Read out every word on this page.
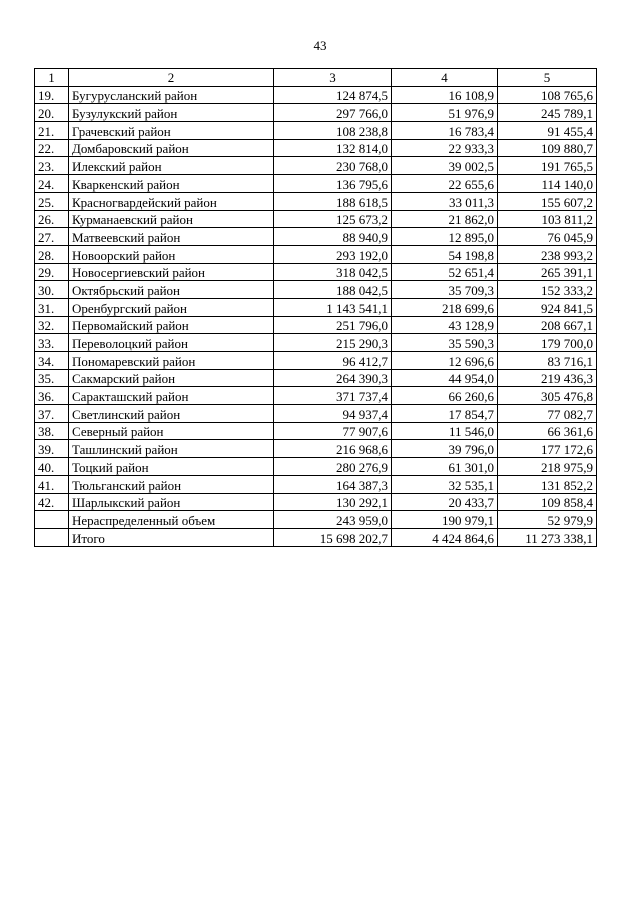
43
1	2	3	4	5
19.	Бугурусланский район	124 874,5	16 108,9	108 765,6
20.	Бузулукский район	297 766,0	51 976,9	245 789,1
21.	Грачевский район	108 238,8	16 783,4	91 455,4
22.	Домбаровский район	132 814,0	22 933,3	109 880,7
23.	Илекский район	230 768,0	39 002,5	191 765,5
24.	Кваркенский район	136 795,6	22 655,6	114 140,0
25.	Красногвардейский район	188 618,5	33 011,3	155 607,2
26.	Курманаевский район	125 673,2	21 862,0	103 811,2
27.	Матвеевский район	88 940,9	12 895,0	76 045,9
28.	Новоорский район	293 192,0	54 198,8	238 993,2
29.	Новосергиевский район	318 042,5	52 651,4	265 391,1
30.	Октябрьский район	188 042,5	35 709,3	152 333,2
31.	Оренбургский район	1 143 541,1	218 699,6	924 841,5
32.	Первомайский район	251 796,0	43 128,9	208 667,1
33.	Переволоцкий район	215 290,3	35 590,3	179 700,0
34.	Пономаревский район	96 412,7	12 696,6	83 716,1
35.	Сакмарский район	264 390,3	44 954,0	219 436,3
36.	Саракташский район	371 737,4	66 260,6	305 476,8
37.	Светлинский район	94 937,4	17 854,7	77 082,7
38.	Северный район	77 907,6	11 546,0	66 361,6
39.	Ташлинский район	216 968,6	39 796,0	177 172,6
40.	Тоцкий район	280 276,9	61 301,0	218 975,9
41.	Тюльганский район	164 387,3	32 535,1	131 852,2
42.	Шарлыкский район	130 292,1	20 433,7	109 858,4
	Нераспределенный объем	243 959,0	190 979,1	52 979,9
	Итого	15 698 202,7	4 424 864,6	11 273 338,1
